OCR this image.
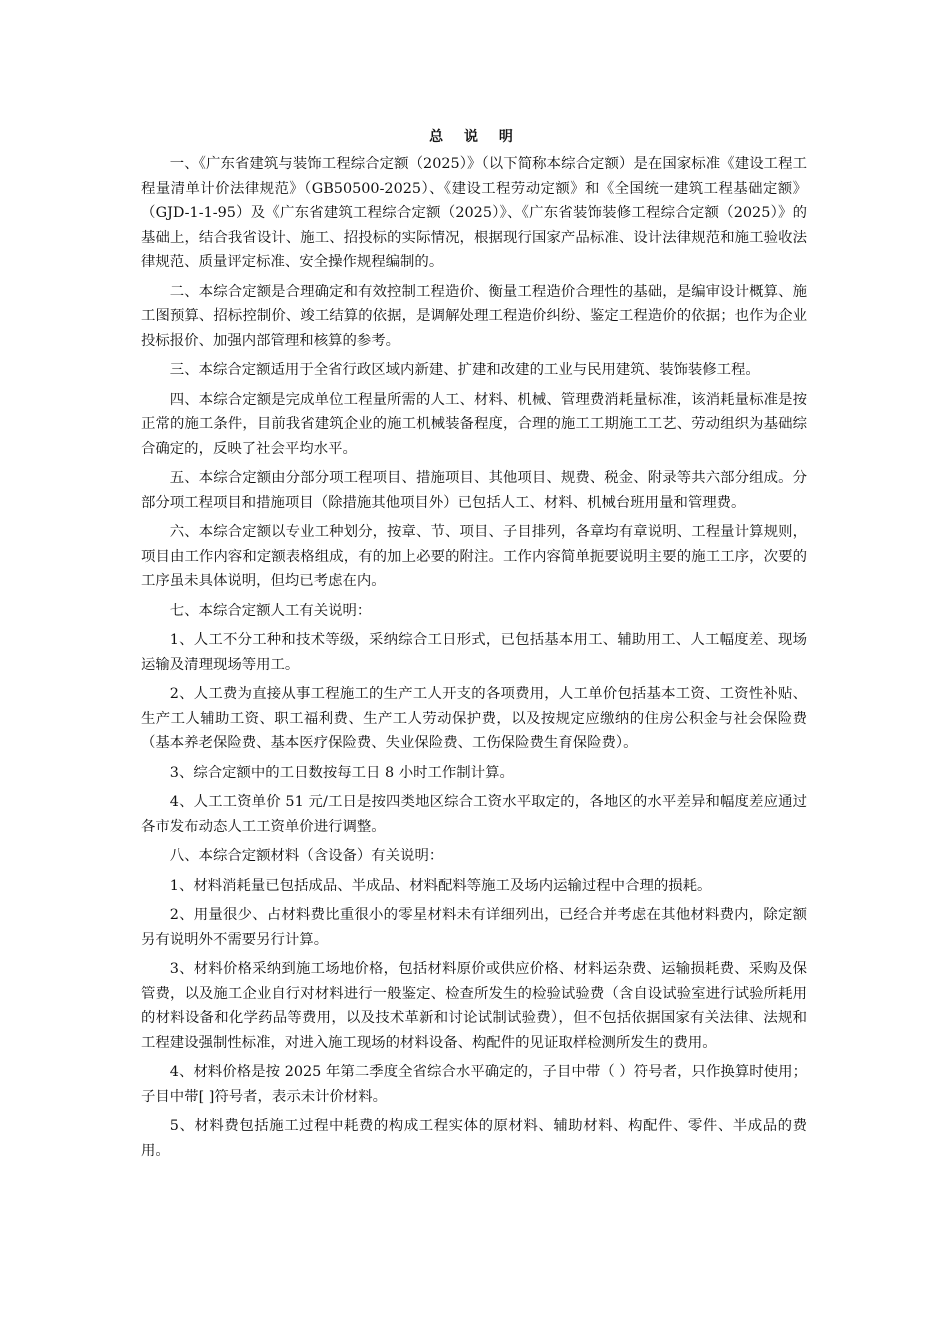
总 说 明

一、《广东省建筑与装饰工程综合定额（2025）》（以下简称本综合定额）是在国家标准《建设工程工程量清单计价法律规范》（GB50500-2025）、《建设工程劳动定额》和《全国统一建筑工程基础定额》（GJD-1-1-95）及《广东省建筑工程综合定额（2025）》、《广东省装饰装修工程综合定额（2025）》的基础上，结合我省设计、施工、招投标的实际情况，根据现行国家产品标准、设计法律规范和施工验收法律规范、质量评定标准、安全操作规程编制的。

二、本综合定额是合理确定和有效控制工程造价、衡量工程造价合理性的基础，是编审设计概算、施工图预算、招标控制价、竣工结算的依据，是调解处理工程造价纠纷、鉴定工程造价的依据；也作为企业投标报价、加强内部管理和核算的参考。

三、本综合定额适用于全省行政区域内新建、扩建和改建的工业与民用建筑、装饰装修工程。

四、本综合定额是完成单位工程量所需的人工、材料、机械、管理费消耗量标准，该消耗量标准是按正常的施工条件，目前我省建筑企业的施工机械装备程度，合理的施工工期施工工艺、劳动组织为基础综合确定的，反映了社会平均水平。

五、本综合定额由分部分项工程项目、措施项目、其他项目、规费、税金、附录等共六部分组成。分部分项工程项目和措施项目（除措施其他项目外）已包括人工、材料、机械台班用量和管理费。

六、本综合定额以专业工种划分，按章、节、项目、子目排列，各章均有章说明、工程量计算规则，项目由工作内容和定额表格组成，有的加上必要的附注。工作内容简单扼要说明主要的施工工序，次要的工序虽未具体说明，但均已考虑在内。

七、本综合定额人工有关说明：

1、人工不分工种和技术等级，采纳综合工日形式，已包括基本用工、辅助用工、人工幅度差、现场运输及清理现场等用工。

2、人工费为直接从事工程施工的生产工人开支的各项费用，人工单价包括基本工资、工资性补贴、生产工人辅助工资、职工福利费、生产工人劳动保护费，以及按规定应缴纳的住房公积金与社会保险费（基本养老保险费、基本医疗保险费、失业保险费、工伤保险费生育保险费）。

3、综合定额中的工日数按每工日 8 小时工作制计算。

4、人工工资单价 51 元/工日是按四类地区综合工资水平取定的，各地区的水平差异和幅度差应通过各市发布动态人工工资单价进行调整。

八、本综合定额材料（含设备）有关说明：

1、材料消耗量已包括成品、半成品、材料配料等施工及场内运输过程中合理的损耗。

2、用量很少、占材料费比重很小的零星材料未有详细列出，已经合并考虑在其他材料费内，除定额另有说明外不需要另行计算。

3、材料价格采纳到施工场地价格，包括材料原价或供应价格、材料运杂费、运输损耗费、采购及保管费，以及施工企业自行对材料进行一般鉴定、检查所发生的检验试验费（含自设试验室进行试验所耗用的材料设备和化学药品等费用，以及技术革新和讨论试制试验费），但不包括依据国家有关法律、法规和工程建设强制性标准，对进入施工现场的材料设备、构配件的见证取样检测所发生的费用。

4、材料价格是按 2025 年第二季度全省综合水平确定的，子目中带（ ）符号者，只作换算时使用；子目中带[ ]符号者，表示未计价材料。

5、材料费包括施工过程中耗费的构成工程实体的原材料、辅助材料、构配件、零件、半成品的费用。
